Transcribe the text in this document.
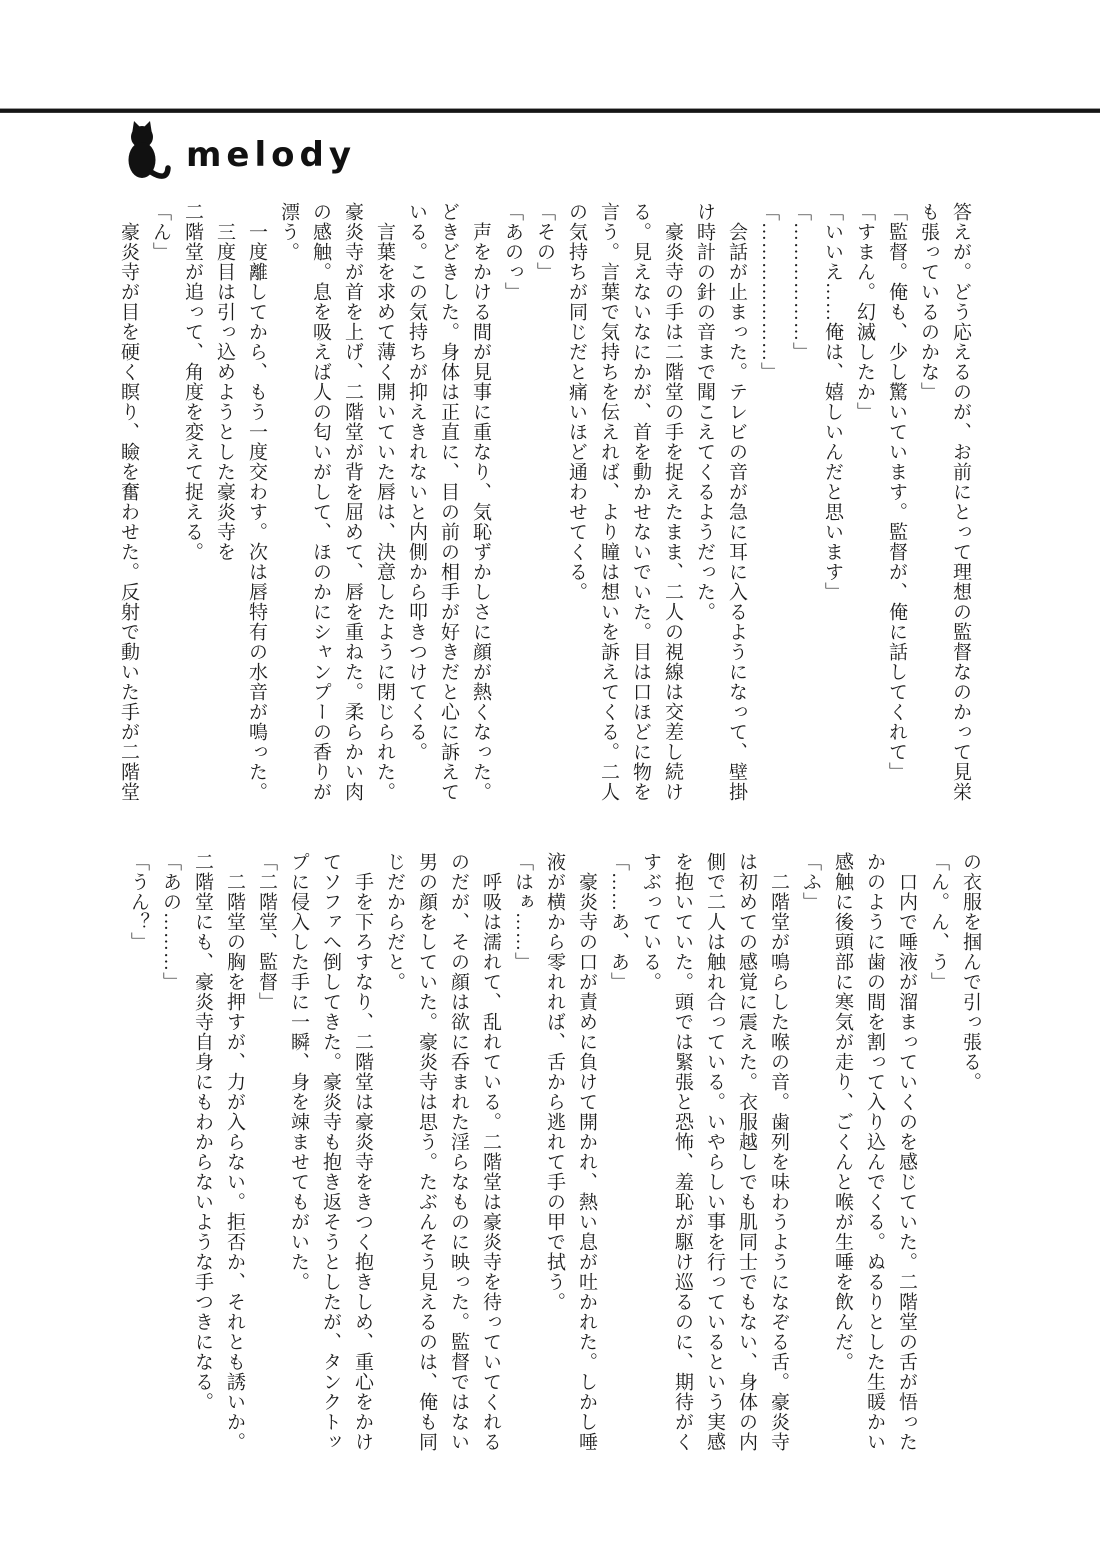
melody
答えが。どう応えるのが、お前にとって理想の監督なのかって見栄
も張っているのかな」
「監督。俺も、少し驚いています。監督が、俺に話してくれて」
「すまん。幻滅したか」
「いいえ……俺は、嬉しいんだと思います」
「………………」
「…………………」
　会話が止まった。テレビの音が急に耳に入るようになって、壁掛
け時計の針の音まで聞こえてくるようだった。
　豪炎寺の手は二階堂の手を捉えたまま、二人の視線は交差し続け
る。見えないなにかが、首を動かせないでいた。目は口ほどに物を
言う。言葉で気持ちを伝えれば、より瞳は想いを訴えてくる。二人
の気持ちが同じだと痛いほど通わせてくる。
「その」
「あのっ」
　声をかける間が見事に重なり、気恥ずかしさに顔が熱くなった。
どきどきした。身体は正直に、目の前の相手が好きだと心に訴えて
いる。この気持ちが抑えきれないと内側から叩きつけてくる。
　言葉を求めて薄く開いていた唇は、決意したように閉じられた。
豪炎寺が首を上げ、二階堂が背を屈めて、唇を重ねた。柔らかい肉
の感触。息を吸えば人の匂いがして、ほのかにシャンプーの香りが
漂う。
　一度離してから、もう一度交わす。次は唇特有の水音が鳴った。
　三度目は引っ込めようとした豪炎寺を
二階堂が追って、角度を変えて捉える。
「ん」
　豪炎寺が目を硬く瞑り、瞼を奮わせた。反射で動いた手が二階堂
の衣服を掴んで引っ張る。
「ん。ん、う」
　口内で唾液が溜まっていくのを感じていた。二階堂の舌が悟った
かのように歯の間を割って入り込んでくる。ぬるりとした生暖かい
感触に後頭部に寒気が走り、ごくんと喉が生唾を飲んだ。
「ふ」
　二階堂が鳴らした喉の音。歯列を味わうようになぞる舌。豪炎寺
は初めての感覚に震えた。衣服越しでも肌同士でもない、身体の内
側で二人は触れ合っている。いやらしい事を行っているという実感
を抱いていた。頭では緊張と恐怖、羞恥が駆け巡るのに、期待がく
すぶっている。
「……あ、あ」
　豪炎寺の口が責めに負けて開かれ、熱い息が吐かれた。しかし唾
液が横から零れれば、舌から逃れて手の甲で拭う。
「はぁ……」
　呼吸は濡れて、乱れている。二階堂は豪炎寺を待っていてくれる
のだが、その顔は欲に呑まれた淫らなものに映った。監督ではない
男の顔をしていた。豪炎寺は思う。たぶんそう見えるのは、俺も同
じだからだと。
　手を下ろすなり、二階堂は豪炎寺をきつく抱きしめ、重心をかけ
てソファへ倒してきた。豪炎寺も抱き返そうとしたが、タンクトッ
プに侵入した手に一瞬、身を竦ませてもがいた。
「二階堂、監督」
　二階堂の胸を押すが、力が入らない。拒否か、それとも誘いか。
二階堂にも、豪炎寺自身にもわからないような手つきになる。
「あの………」
「うん？」
